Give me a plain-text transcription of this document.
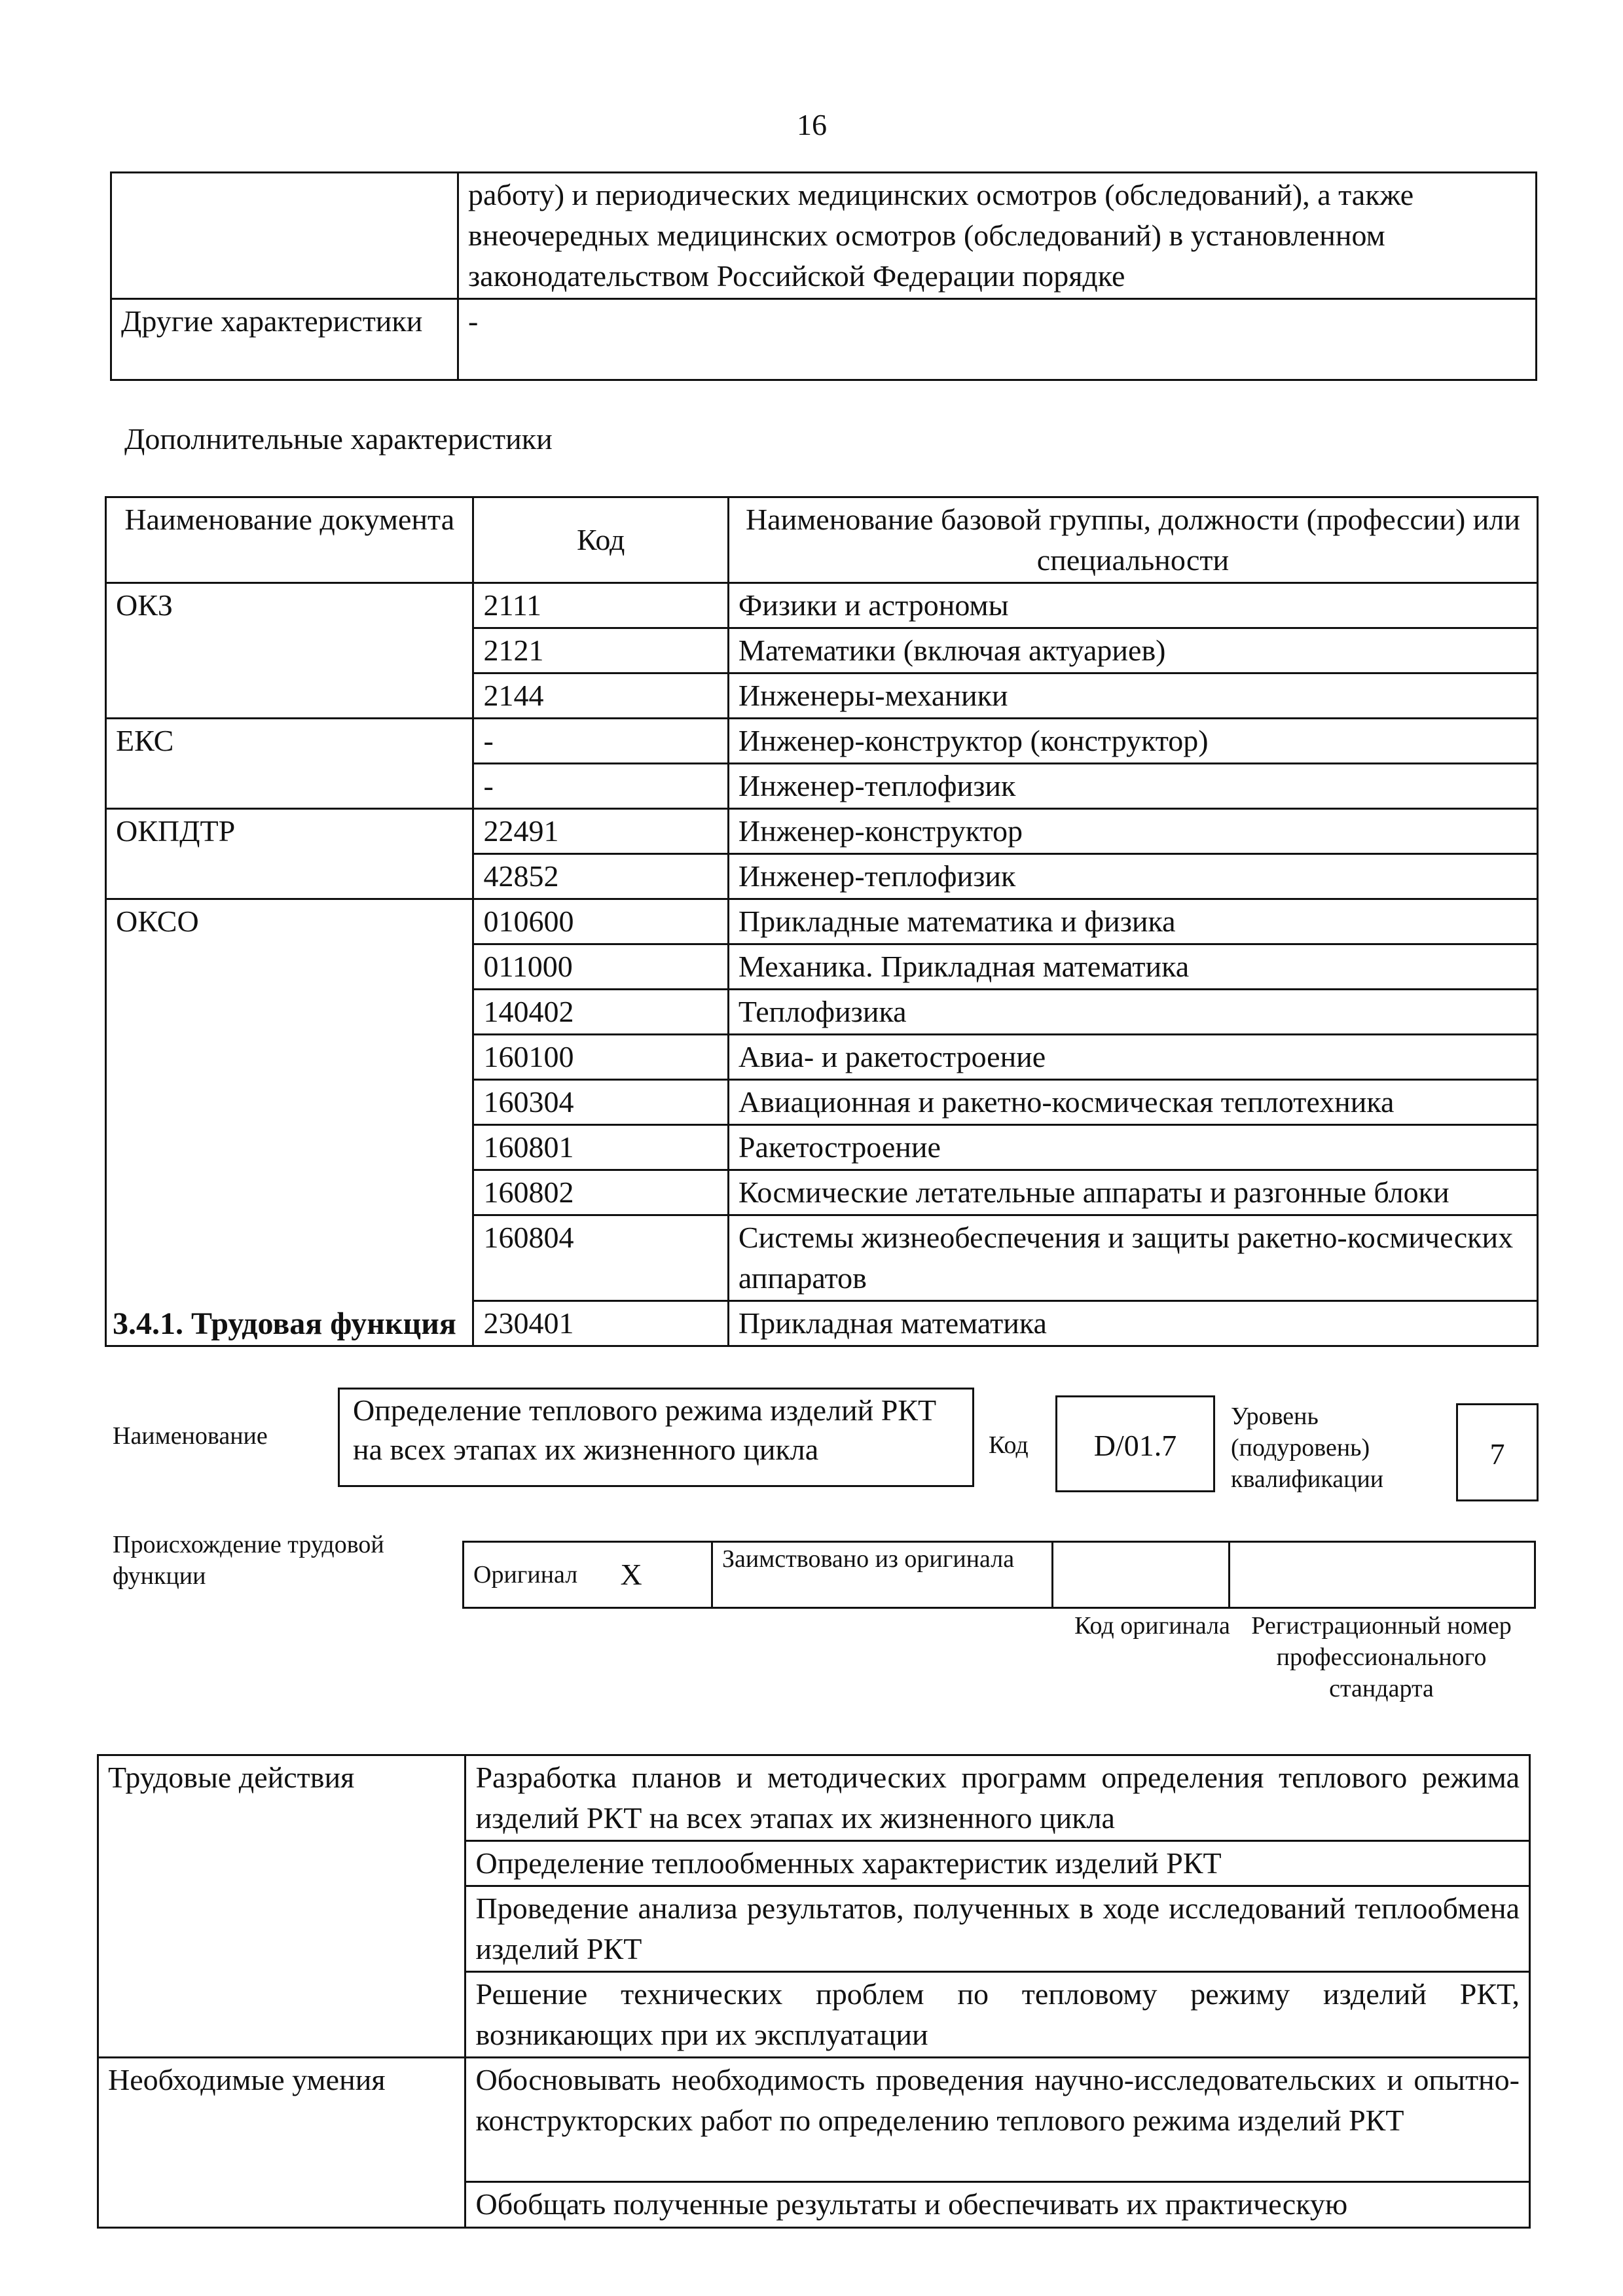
16
	работу) и периодических медицинских осмотров (обследований), а также внеочередных медицинских осмотров (обследований) в установленном законодательством Российской Федерации порядке
Другие характеристики	-
Дополнительные характеристики
Наименование документа	Код	Наименование базовой группы, должности (профессии) или специальности
ОКЗ	2111	Физики и астрономы
	2121	Математики (включая актуариев)
	2144	Инженеры-механики
ЕКС	-	Инженер-конструктор (конструктор)
	-	Инженер-теплофизик
ОКПДТР	22491	Инженер-конструктор
	42852	Инженер-теплофизик
ОКСО	010600	Прикладные математика и физика
	011000	Механика. Прикладная математика
	140402	Теплофизика
	160100	Авиа- и ракетостроение
	160304	Авиационная и ракетно-космическая теплотехника
	160801	Ракетостроение
	160802	Космические летательные аппараты и разгонные блоки
	160804	Системы жизнеобеспечения и защиты ракетно-космических аппаратов
	230401	Прикладная математика
3.4.1. Трудовая функция
Наименование
Определение теплового режима изделий РКТ на всех этапах их жизненного цикла	Код	D/01.7
Уровень (подуровень) квалификации
7
Происхождение трудовой функции	Оригинал	X	Заимствовано из оригинала		
Код оригинала Регистрационный номер профессионального стандарта
Трудовые действия	Разработка планов и методических программ определения теплового режима изделий РКТ на всех этапах их жизненного цикла
	Определение теплообменных характеристик изделий РКТ
	Проведение анализа результатов, полученных в ходе исследований теплообмена изделий РКТ
	Решение технических проблем по тепловому режиму изделий РКТ, возникающих при их эксплуатации
Необходимые умения	Обосновывать необходимость проведения научно-исследовательских и опытно-конструкторских работ по определению теплового режима изделий РКТ
	Обобщать полученные результаты и обеспечивать их практическую
